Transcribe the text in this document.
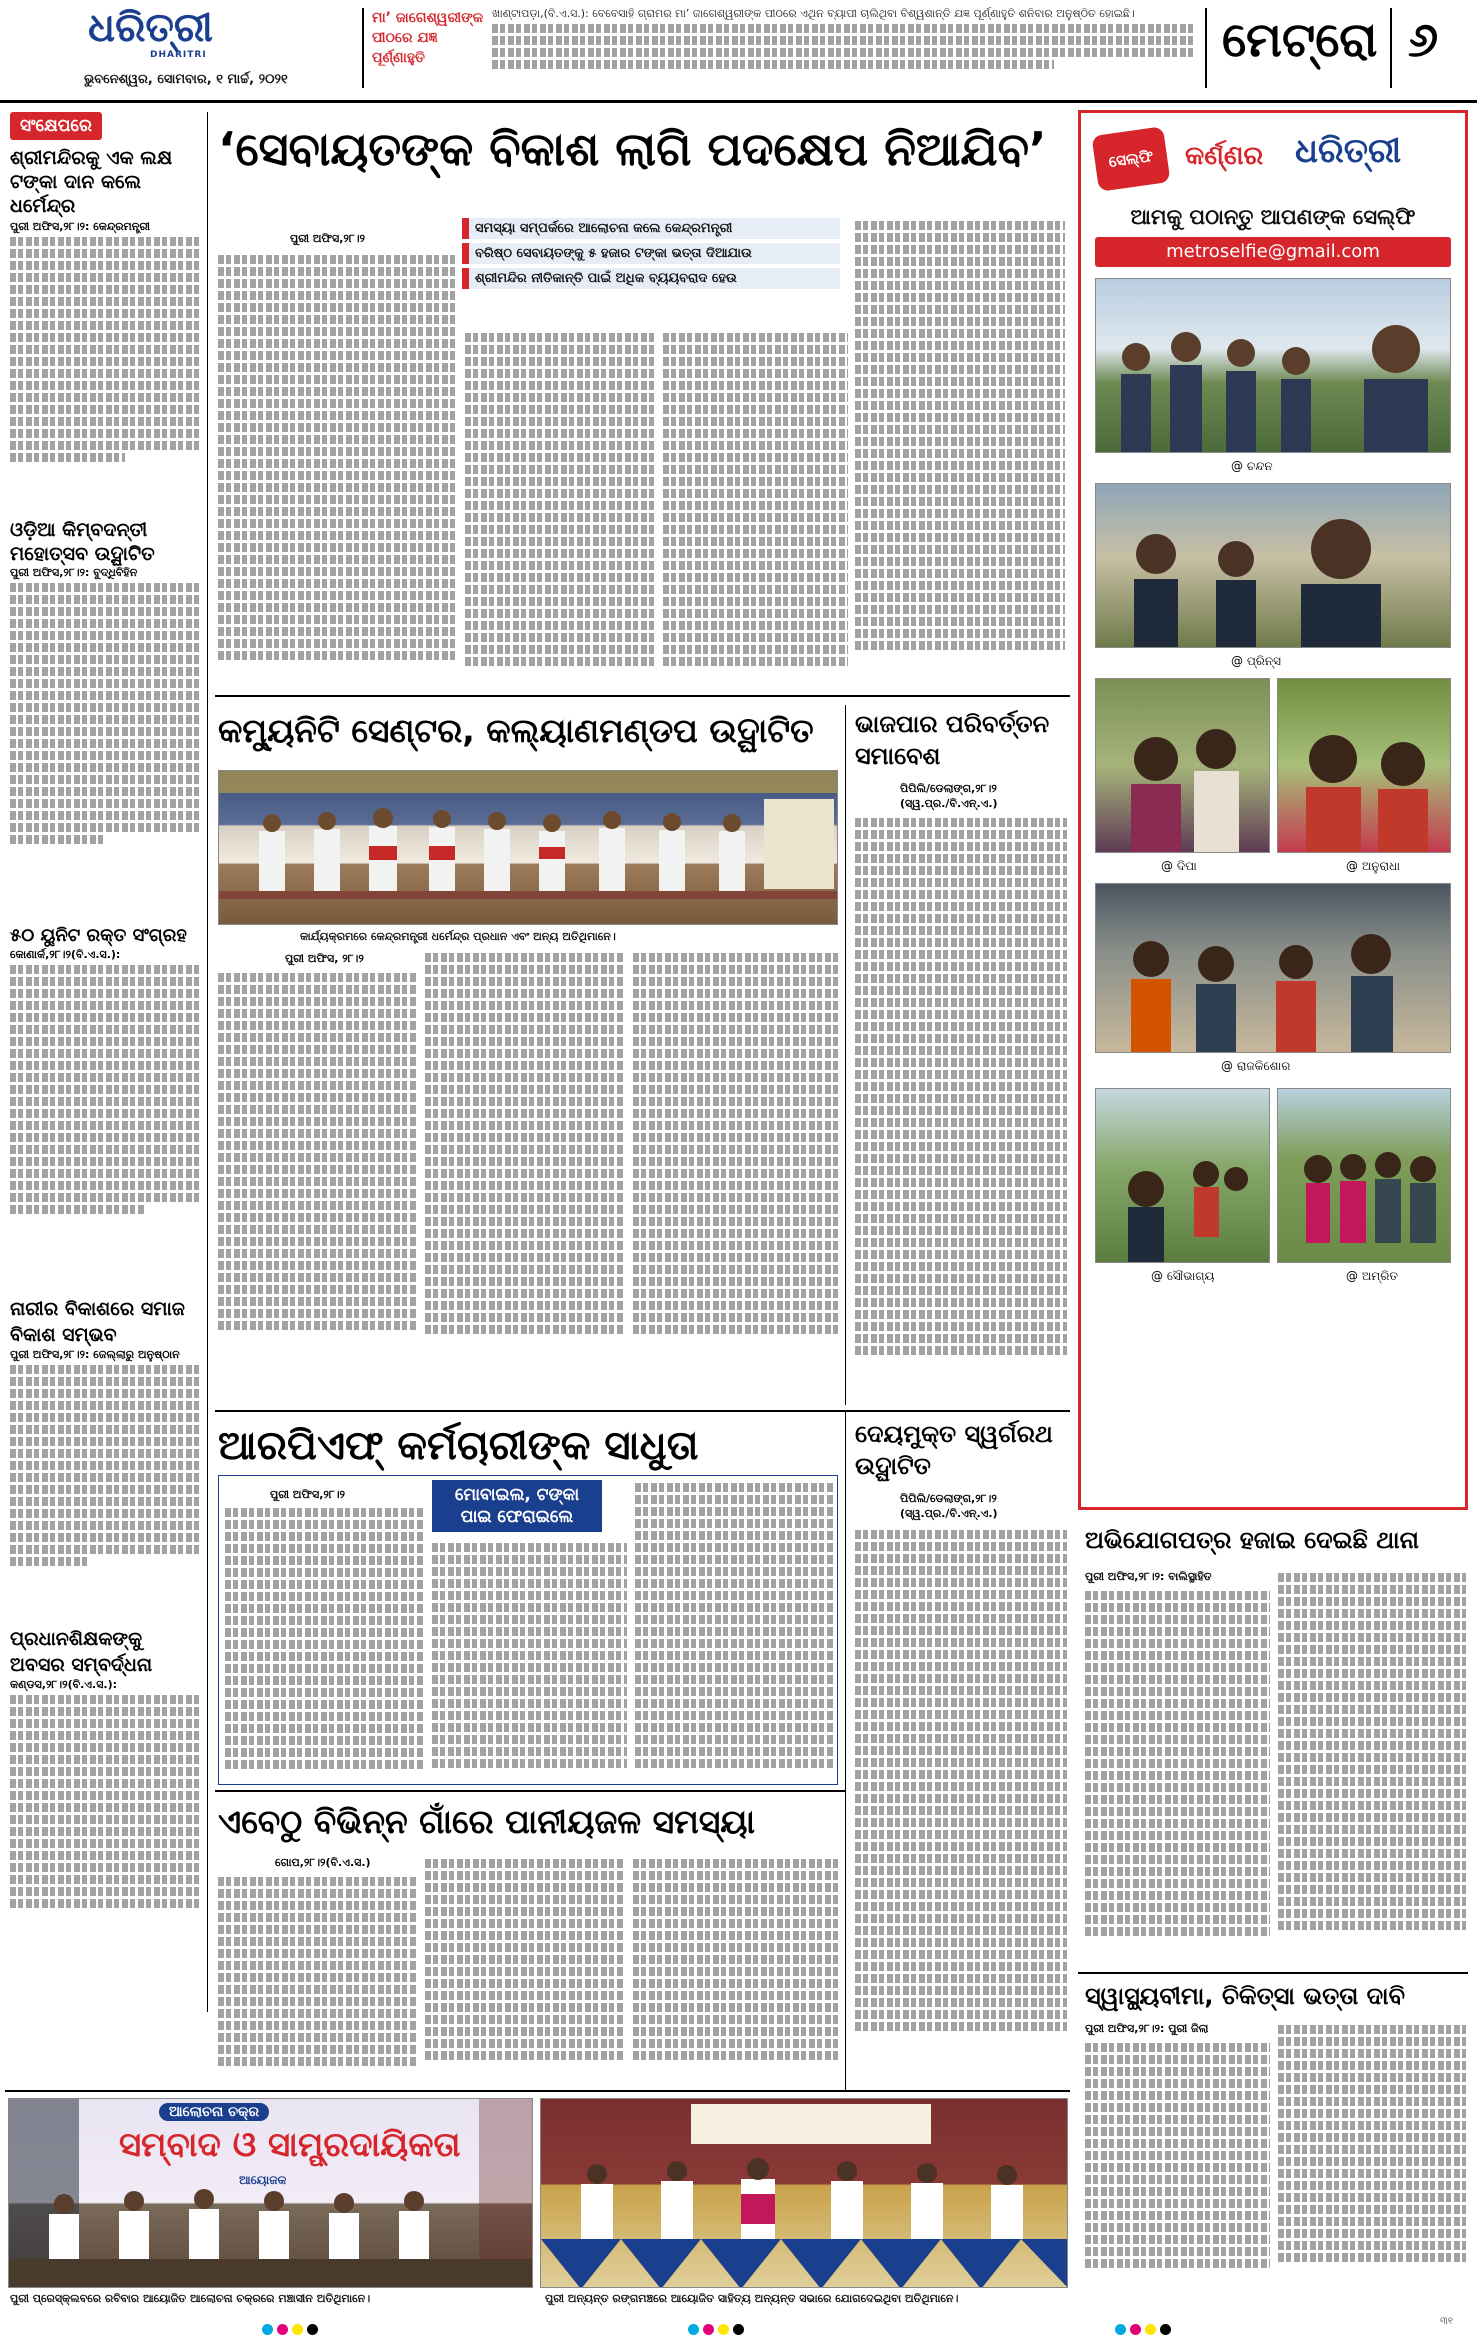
ଧରିତ୍ରୀ
DHARITRI
ଭୁବନେଶ୍ୱର, ସୋମବାର, ୧ ମାର୍ଚ୍ଚ, ୨୦୨୧
ମା’ ଜାଗେଶ୍ୱରୀଙ୍କ ପୀଠରେ ଯଜ୍ଞ ପୂର୍ଣ୍ଣାହୁତି
ଖାଣ୍ଟାପଡ଼ା,(ବି.ଏ.ସ.): ବେବେସାହି ଗ୍ରାମର ମା’ ଜାଗେଶ୍ୱରୀଙ୍କ ପୀଠରେ ଏଥିନ ବ୍ୟାପୀ ଚାଲିଥିବା ବିଶ୍ୱଶାନ୍ତି ଯଜ୍ଞ ପୂର୍ଣ୍ଣାହୁତି ଶନିବାର ଅନୁଷ୍ଠିତ ହୋଇଛି।	ମେଟ୍ରୋ ୬
ସଂକ୍ଷେପରେ
ଶ୍ରୀମନ୍ଦିରକୁ ଏକ ଲକ୍ଷ ଟଙ୍କା ଦାନ କଲେ ଧର୍ମେନ୍ଦ୍ର
ପୁରୀ ଅଫିସ,୨୮।୨: କେନ୍ଦ୍ରମନ୍ତ୍ରୀ
ଓଡ଼ିଆ କିମ୍ବଦନ୍ତୀ ମହୋତ୍ସବ ଉଦ୍ଘାଟିତ
ପୁରୀ ଅଫିସ,୨୮।୨: ବୁଦ୍ଧିବିହିନ
୫୦ ୟୁନିଟ ରକ୍ତ ସଂଗ୍ରହ
କୋଣାର୍କ,୨୮।୨(ବି.ଏ.ସ.):
ନାରୀର ବିକାଶରେ ସମାଜ ବିକାଶ ସମ୍ଭବ
ପୁରୀ ଅଫିସ,୨୮।୨: ଜେଲ୍ଲାରୁ ଅନୁଷ୍ଠାନ
ପ୍ରଧାନଶିକ୍ଷକଙ୍କୁ ଅବସର ସମ୍ବର୍ଦ୍ଧନା
କଣ୍ଡସ,୨୮।୨(ବି.ଏ.ସ.):
‘ସେବାୟତଙ୍କ ବିକାଶ ଲାଗି ପଦକ୍ଷେପ ନିଆଯିବ’
ସମସ୍ୟା ସମ୍ପର୍କରେ ଆଲୋଚନା କଲେ କେନ୍ଦ୍ରମନ୍ତ୍ରୀ
ବରିଷ୍ଠ ସେବାୟତଙ୍କୁ ୫ ହଜାର ଟଙ୍କା ଭତ୍ତା ଦିଆଯାଉ
ଶ୍ରୀମନ୍ଦିର ନୀତିକାନ୍ତି ପାଇଁ ଅଧିକ ବ୍ୟୟବରାଦ ହେଉ
ପୁରୀ ଅଫିସ,୨୮।୨
କମ୍ୟୁନିଟି ସେଣ୍ଟର, କଲ୍ୟାଣମଣ୍ଡପ ଉଦ୍ଘାଟିତ
କାର୍ଯ୍ୟକ୍ରମରେ କେନ୍ଦ୍ରମନ୍ତ୍ରୀ ଧର୍ମେନ୍ଦ୍ର ପ୍ରଧାନ ଏବଂ ଅନ୍ୟ ଅତିଥିମାନେ।
ପୁରୀ ଅଫିସ, ୨୮।୨
ଭାଜପାର ପରିବର୍ତ୍ତନ ସମାବେଶ
ପିପିଲି/ଡେଲାଙ୍ଗ,୨୮।୨
(ସ୍ୱ.ପ୍ର./ବି.ଏନ୍.ଏ.)
ଆରପିଏଫ୍ କର୍ମଚାରୀଙ୍କ ସାଧୁତା
ପୁରୀ ଅଫିସ,୨୮।୨	ମୋବାଇଲ, ଟଙ୍କା ପାଇ ଫେରାଇଲେ
ଦେୟମୁକ୍ତ ସ୍ୱର୍ଗରଥ ଉଦ୍ଘାଟିତ
ପିପିଲି/ଡେଲାଙ୍ଗ,୨୮।୨
(ସ୍ୱ.ପ୍ର./ବି.ଏନ୍.ଏ.)
ଏବେଠୁ ବିଭିନ୍ନ ଗାଁରେ ପାନୀୟଜଳ ସମସ୍ୟା
ଗୋପ,୨୮।୨(ବି.ଏ.ସ.)
ସେଲ୍ଫି	କର୍ଣ୍ଣର ଧରିତ୍ରୀ
ଆମକୁ ପଠାନ୍ତୁ ଆପଣଙ୍କ ସେଲ୍‌ଫି
metroselfie@gmail.com
@ ଚନ୍ଦନ
@ ପ୍ରିନ୍ସ
@ ଦିପା	@ ଅନୁରାଧା
@ ରାଜକିଶୋର
@ ସୌଭାଗ୍ୟ	@ ଅମ୍ରିତ
ଅଭିଯୋଗପତ୍ର ହଜାଇ ଦେଇଛି ଥାନା
ପୁରୀ ଅଫିସ,୨୮।୨: ବାଲିସ୍ଥାହିତ
ସ୍ୱାସ୍ଥ୍ୟବୀମା, ଚିକିତ୍ସା ଭତ୍ତା ଦାବି
ପୁରୀ ଅଫିସ,୨୮।୨: ପୁରୀ ଜିଲା
ଆଲୋଚନା ଚକ୍ର
ସମ୍ବାଦ ଓ ସାମ୍ପ୍ରଦାୟିକତା
ଆୟୋଜକ
ପୁରୀ ପ୍ରେସ୍‌କ୍ଲବରେ ରବିବାର ଆୟୋଜିତ ଆଲୋଚନା ଚକ୍ରରେ ମଞ୍ଚାସୀନ ଅତିଥିମାନେ।	ପୁରୀ ଅନ୍ୟନ୍ତ ରଙ୍ଗମଞ୍ଚରେ ଆୟୋଜିତ ସାହିତ୍ୟ ଅନ୍ୟନ୍ତ ସଭାରେ ଯୋଗଦେଇଥିବା ଅତିଥିମାନେ।
୩୧
